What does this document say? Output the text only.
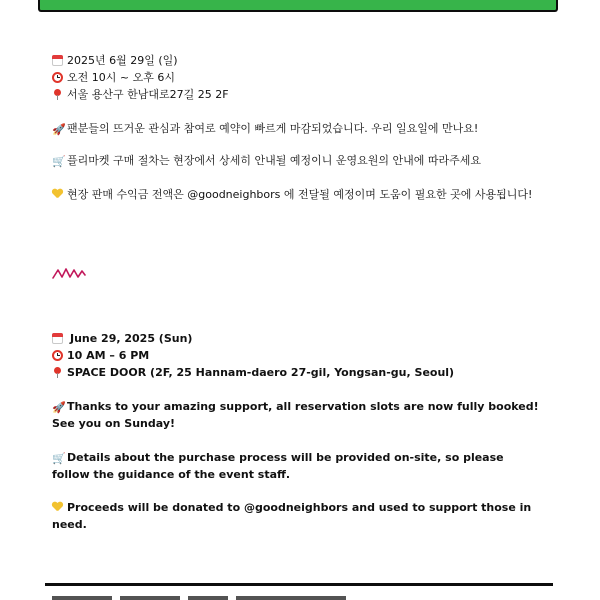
2025년 6월 29일 (일)
오전 10시 ~ 오후 6시
서울 용산구 한남대로27길 25 2F
🚀팬분들의 뜨거운 관심과 참여로 예약이 빠르게 마감되었습니다. 우리 일요일에 만나요!
🛒플리마켓 구매 절차는 현장에서 상세히 안내될 예정이니 운영요원의 안내에 따라주세요
현장 판매 수익금 전액은 @goodneighbors 에 전달될 예정이며 도움이 필요한 곳에 사용됩니다!
June 29, 2025 (Sun)
10 AM – 6 PM
SPACE DOOR (2F, 25 Hannam-daero 27-gil, Yongsan-gu, Seoul)
🚀Thanks to your amazing support, all reservation slots are now fully booked! See you on Sunday!
🛒Details about the purchase process will be provided on-site, so please follow the guidance of the event staff.
Proceeds will be donated to @goodneighbors and used to support those in need.
